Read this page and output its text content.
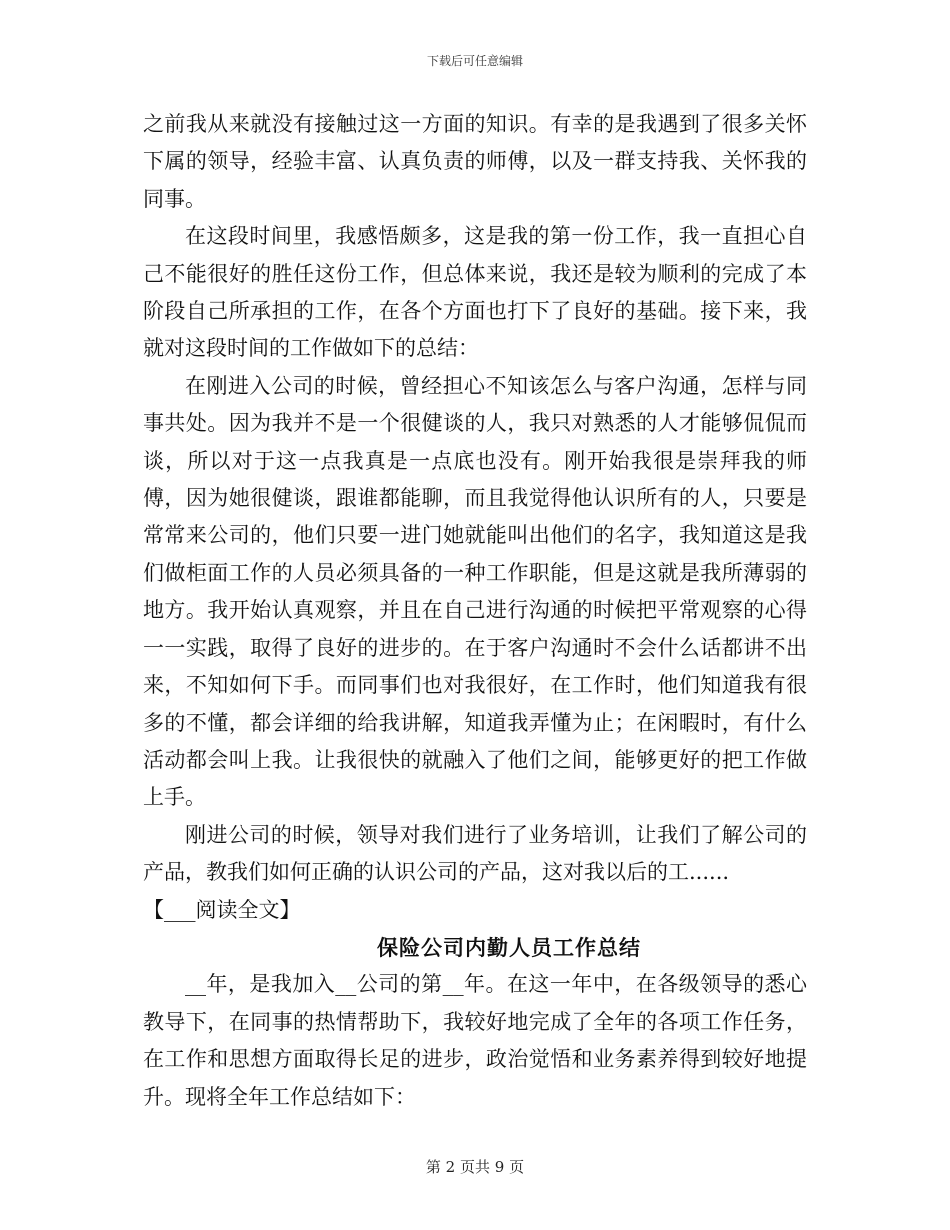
下载后可任意编辑

之前我从来就没有接触过这一方面的知识。有幸的是我遇到了很多关怀下属的领导，经验丰富、认真负责的师傅，以及一群支持我、关怀我的同事。

在这段时间里，我感悟颇多，这是我的第一份工作，我一直担心自己不能很好的胜任这份工作，但总体来说，我还是较为顺利的完成了本阶段自己所承担的工作，在各个方面也打下了良好的基础。接下来，我就对这段时间的工作做如下的总结：

在刚进入公司的时候，曾经担心不知该怎么与客户沟通，怎样与同事共处。因为我并不是一个很健谈的人，我只对熟悉的人才能够侃侃而谈，所以对于这一点我真是一点底也没有。刚开始我很是崇拜我的师傅，因为她很健谈，跟谁都能聊，而且我觉得他认识所有的人，只要是常常来公司的，他们只要一进门她就能叫出他们的名字，我知道这是我们做柜面工作的人员必须具备的一种工作职能，但是这就是我所薄弱的地方。我开始认真观察，并且在自己进行沟通的时候把平常观察的心得一一实践，取得了良好的进步的。在于客户沟通时不会什么话都讲不出来，不知如何下手。而同事们也对我很好，在工作时，他们知道我有很多的不懂，都会详细的给我讲解，知道我弄懂为止；在闲暇时，有什么活动都会叫上我。让我很快的就融入了他们之间，能够更好的把工作做上手。

刚进公司的时候，领导对我们进行了业务培训，让我们了解公司的产品，教我们如何正确的认识公司的产品，这对我以后的工......

【___阅读全文】

保险公司内勤人员工作总结

__年，是我加入__公司的第__年。在这一年中，在各级领导的悉心教导下，在同事的热情帮助下，我较好地完成了全年的各项工作任务，在工作和思想方面取得长足的进步，政治觉悟和业务素养得到较好地提升。现将全年工作总结如下：

第 2 页共 9 页
